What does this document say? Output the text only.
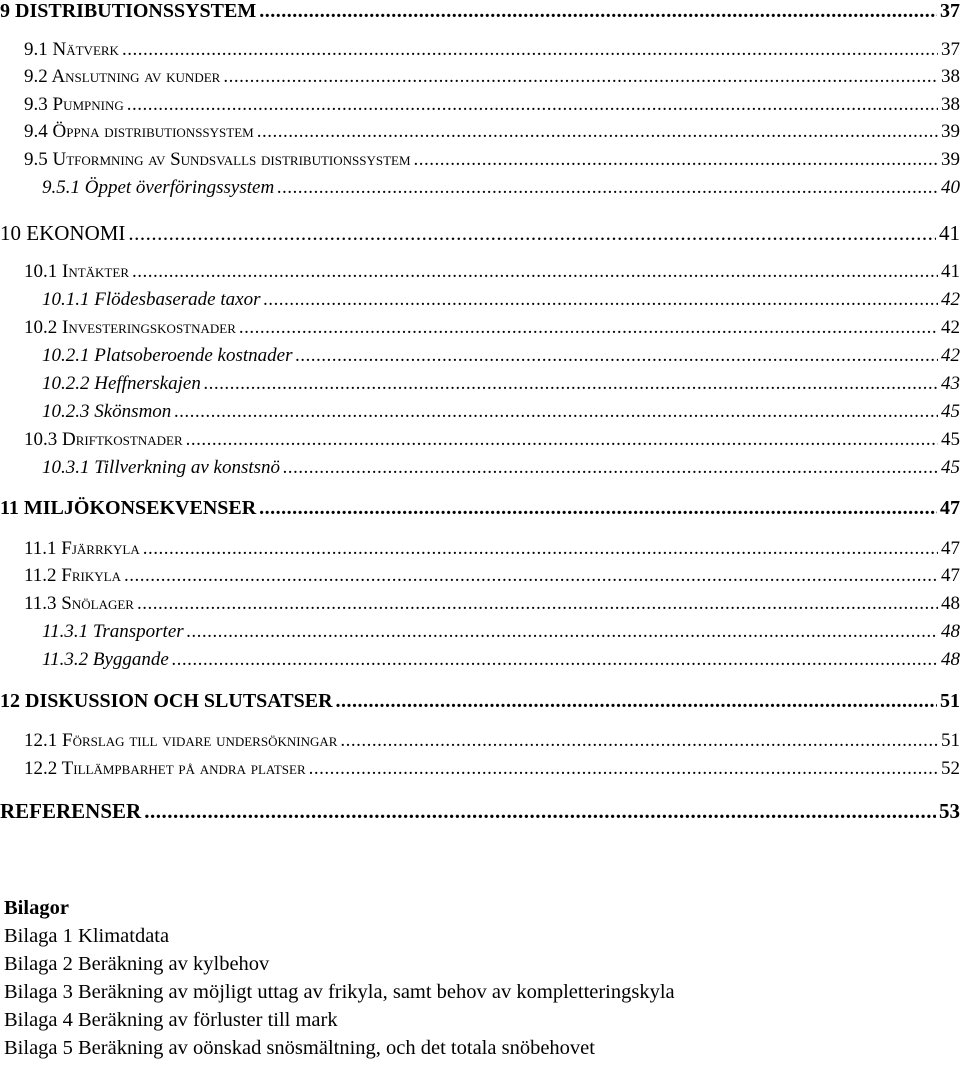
9 DISTRIBUTIONSSYSTEM .....	37
9.1 Nätverk .....	37
9.2 Anslutning av kunder .....	38
9.3 Pumpning .....	38
9.4 Öppna distributionssystem .....	39
9.5 Utformning av Sundsvalls distributionssystem .....	39
9.5.1 Öppet överföringssystem .....	40
10 EKONOMI .....	41
10.1 Intäkter .....	41
10.1.1 Flödesbaserade taxor .....	42
10.2 Investeringskostnader .....	42
10.2.1 Platsoberoende kostnader .....	42
10.2.2 Heffnerskajen .....	43
10.2.3 Skönsmon .....	45
10.3 Driftkostnader .....	45
10.3.1 Tillverkning av konstsnö .....	45
11 MILJÖKONSEKVENSER .....	47
11.1 Fjärrkyla .....	47
11.2 Frikyla .....	47
11.3 Snölager .....	48
11.3.1 Transporter .....	48
11.3.2 Byggande .....	48
12 DISKUSSION OCH SLUTSATSER .....	51
12.1 Förslag till vidare undersökningar .....	51
12.2 Tillämpbarhet på andra platser .....	52
REFERENSER .....	53
Bilagor
Bilaga 1 Klimatdata
Bilaga 2 Beräkning av kylbehov
Bilaga 3 Beräkning av möjligt uttag av frikyla, samt behov av kompletteringskyla
Bilaga 4 Beräkning av förluster till mark
Bilaga 5 Beräkning av oönskad snösmältning, och det totala snöbehovet
